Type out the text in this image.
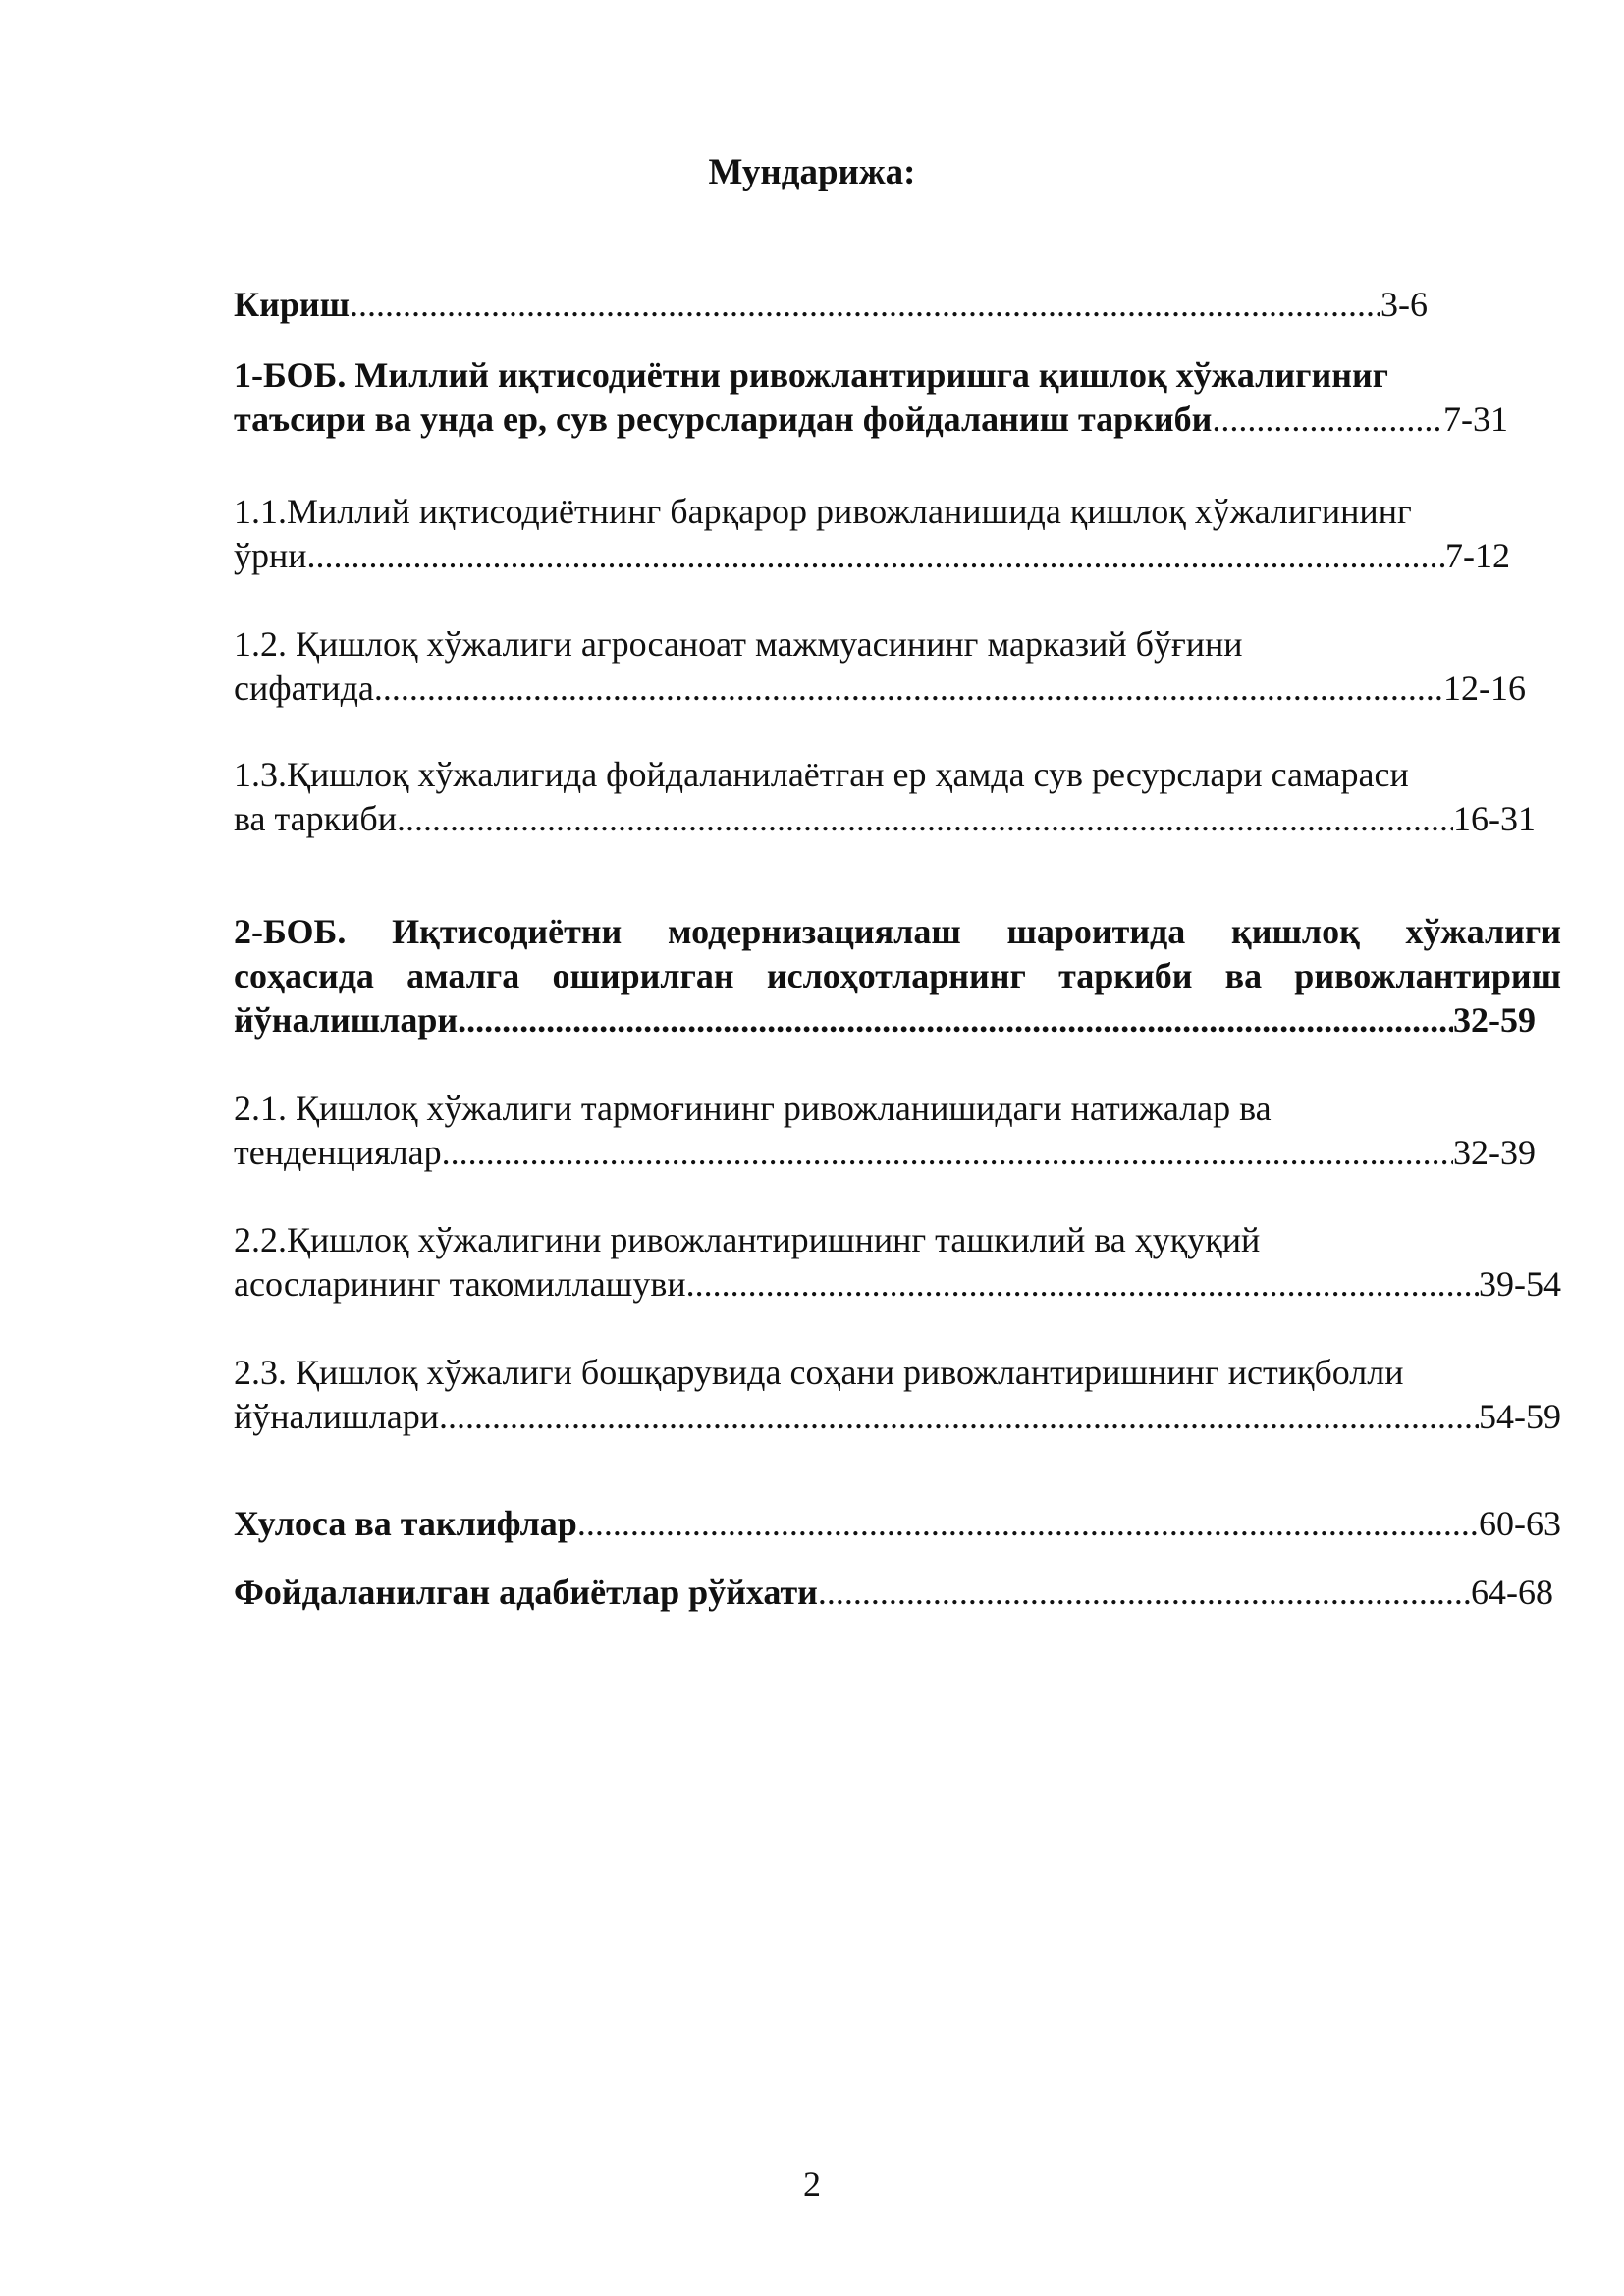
Мундарижа:
Кириш .....	3-6
1-БОБ. Миллий иқтисодиётни ривожлантиришга қишлоқ хўжалигиниг
таъсири ва унда ер, сув ресурсларидан фойдаланиш таркиби .....	7-31
1.1.Миллий иқтисодиётнинг барқарор ривожланишида қишлоқ хўжалигининг
ўрни .....	7-12
1.2. Қишлоқ хўжалиги агросаноат мажмуасининг марказий бўғини
сифатида .....	12-16
1.3.Қишлоқ хўжалигида фойдаланилаётган ер ҳамда сув ресурслари самараси
ва таркиби .....	16-31
2-БОБ. Иқтисодиётни модернизациялаш шароитида қишлоқ хўжалиги
соҳасида амалга оширилган ислоҳотларнинг таркиби ва ривожлантириш
йўналишлари .....	32-59
2.1. Қишлоқ хўжалиги тармоғининг ривожланишидаги натижалар ва
тенденциялар .....	32-39
2.2.Қишлоқ хўжалигини ривожлантиришнинг ташкилий ва ҳуқуқий
асосларининг такомиллашуви .....	39-54
2.3. Қишлоқ хўжалиги бошқарувида соҳани ривожлантиришнинг истиқболли
йўналишлари .....	54-59
Хулоса ва таклифлар .....	60-63
Фойдаланилган адабиётлар рўйхати .....	64-68
2
